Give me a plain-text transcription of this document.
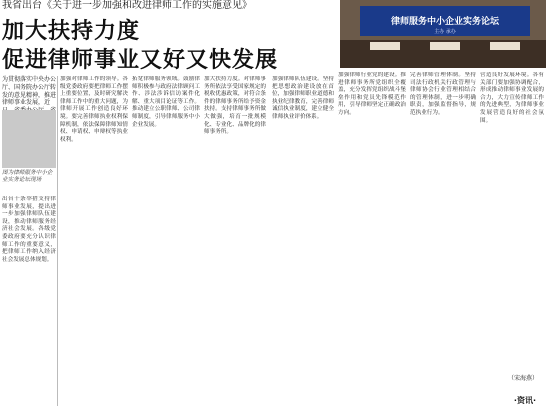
我省出台《关于进一步加强和改进律师工作的实施意见》
加大扶持力度
促进律师事业又好又快发展
律师服务中小企业实务论坛
主办 承办
为贯彻落实中央办公厅、国务院办公厅转发的意见精神，推进律师事业发展，近
图为律师服务中小企业实务论坛现场
出台十条举措支持律师事业发展，提出进一步加强律师队伍建设，推动律师服务经济社会发展。各级党委政府要充分认识律师工作的重要意义，把律师工作纳入经济社会发展总体规划。
加强对律师工作的领导。各级党委政府要把律师工作摆上重要位置，及时研究解决律师工作中的重大问题，为律师开展工作创造良好环境。要完善律师执业权利保障机制，依法保障律师知情权、申请权、申辩权等执业权利。
拓宽律师服务领域。鼓励律师积极参与政府法律顾问工作、涉法涉诉信访案件化解、重大项目论证等工作。推动建立公职律师、公司律师制度，引导律师服务中小企业发展。
加大扶持力度。对律师事务所依法享受国家规定的税收优惠政策，对符合条件的律师事务所给予资金扶持。支持律师事务所做大做强，培育一批规模化、专业化、品牌化的律师事务所。
加强律师队伍建设。坚持把思想政治建设放在首位，加强律师职业道德和执业纪律教育，完善律师诚信执业制度，建立健全律师执业评价体系。
加强律师行业党的建设。推进律师事务所党组织全覆盖，充分发挥党组织战斗堡垒作用和党员先锋模范作用，引导律师坚定正确政治方向。
完善律师管理体制。坚持司法行政机关行政管理与律师协会行业管理相结合的管理体制，进一步明确职责，加强监督指导，规范执业行为。
营造良好发展环境。各有关部门要加强协调配合，形成推动律师事业发展的合力，大力宣传律师工作的先进典型，为律师事业发展营造良好的社会氛围。
（宋海燕）
·资讯·
